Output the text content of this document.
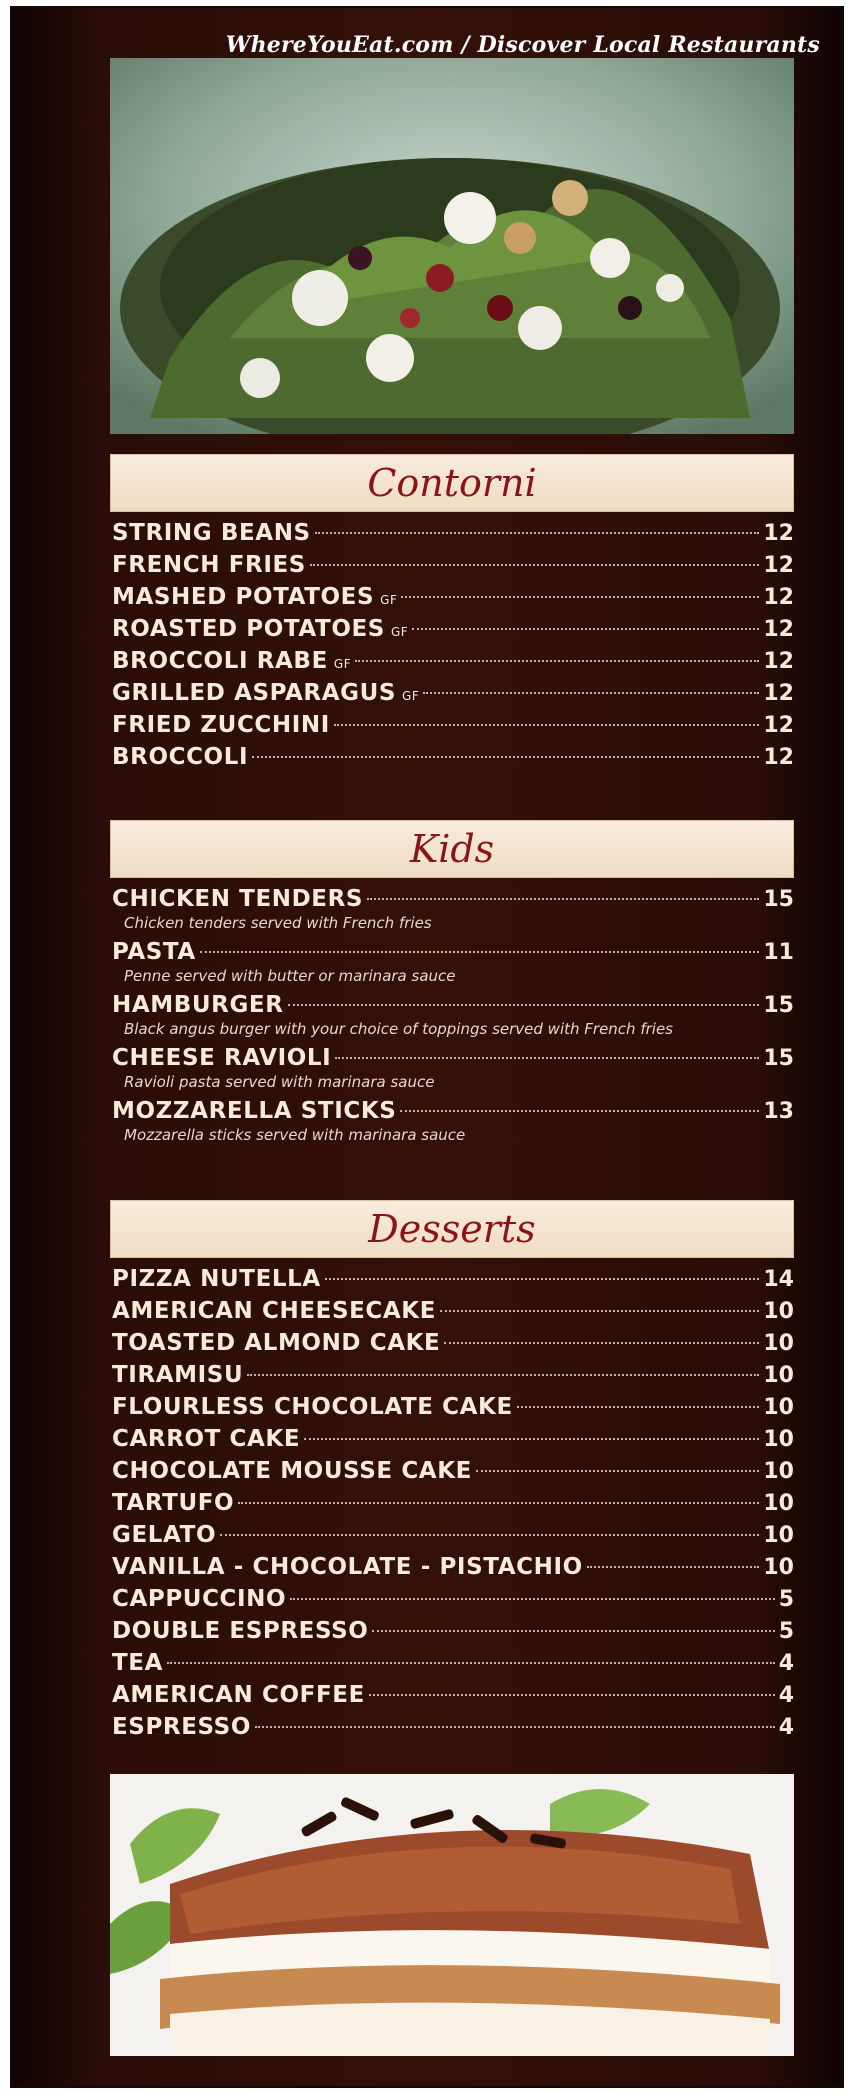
WhereYouEat.com / Discover Local Restaurants
Contorni
STRING BEANS	12
FRENCH FRIES	12
MASHED POTATOES GF	12
ROASTED POTATOES GF	12
BROCCOLI RABE GF	12
GRILLED ASPARAGUS GF	12
FRIED ZUCCHINI	12
BROCCOLI	12
Kids
CHICKEN TENDERS	15
Chicken tenders served with French fries
PASTA	11
Penne served with butter or marinara sauce
HAMBURGER	15
Black angus burger with your choice of toppings served with French fries
CHEESE RAVIOLI	15
Ravioli pasta served with marinara sauce
MOZZARELLA STICKS	13
Mozzarella sticks served with marinara sauce
Desserts
PIZZA NUTELLA	14
AMERICAN CHEESECAKE	10
TOASTED ALMOND CAKE	10
TIRAMISU	10
FLOURLESS CHOCOLATE CAKE	10
CARROT CAKE	10
CHOCOLATE MOUSSE CAKE	10
TARTUFO	10
GELATO	10
VANILLA - CHOCOLATE - PISTACHIO	10
CAPPUCCINO	5
DOUBLE ESPRESSO	5
TEA	4
AMERICAN COFFEE	4
ESPRESSO	4
